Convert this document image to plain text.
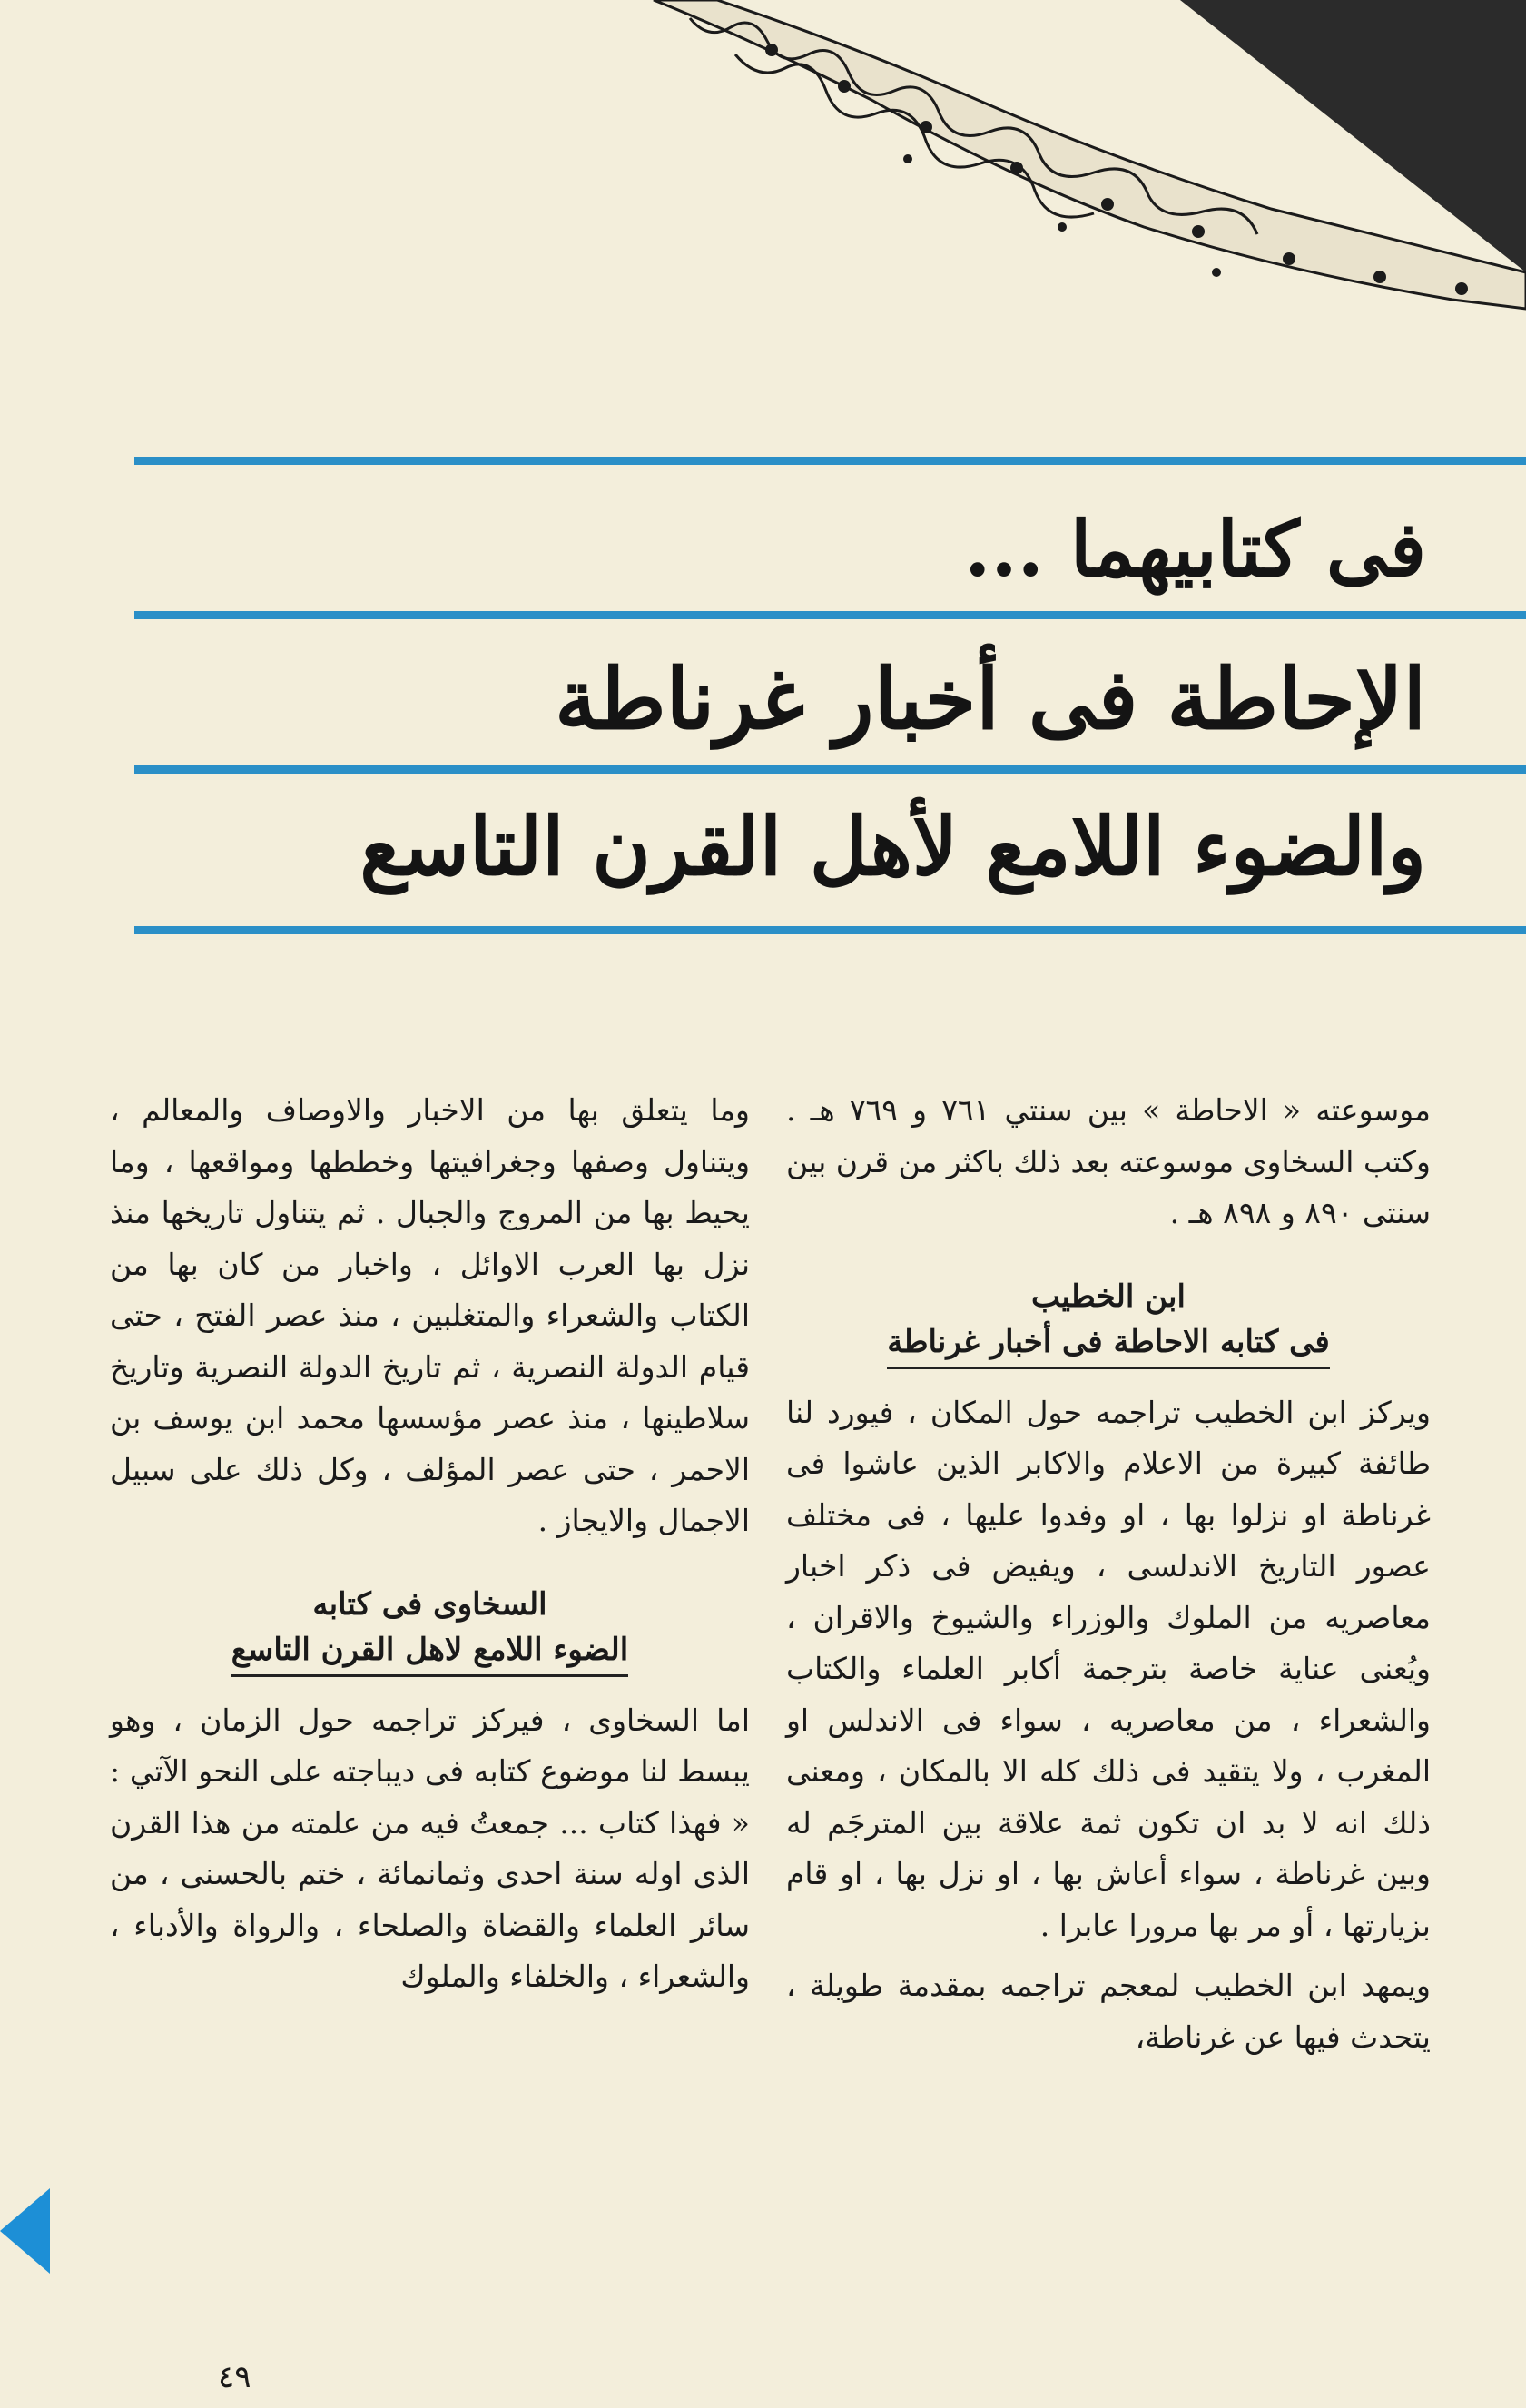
فى كتابيهما ...
الإحاطة فى أخبار غرناطة
والضوء اللامع لأهل القرن التاسع

موسوعته « الاحاطة » بين سنتي ٧٦١ و ٧٦٩ هـ . وكتب السخاوى موسوعته بعد ذلك باكثر من قرن بين سنتى ٨٩٠ و ٨٩٨ هـ .

ابن الخطيب
فى كتابه الاحاطة فى أخبار غرناطة

ويركز ابن الخطيب تراجمه حول المكان ، فيورد لنا طائفة كبيرة من الاعلام والاكابر الذين عاشوا فى غرناطة او نزلوا بها ، او وفدوا عليها ، فى مختلف عصور التاريخ الاندلسى ، ويفيض فى ذكر اخبار معاصريه من الملوك والوزراء والشيوخ والاقران ، ويُعنى عناية خاصة بترجمة أكابر العلماء والكتاب والشعراء ، من معاصريه ، سواء فى الاندلس او المغرب ، ولا يتقيد فى ذلك كله الا بالمكان ، ومعنى ذلك انه لا بد ان تكون ثمة علاقة بين المترجَم له وبين غرناطة ، سواء أعاش بها ، او نزل بها ، او قام بزيارتها ، أو مر بها مرورا عابرا .

ويمهد ابن الخطيب لمعجم تراجمه بمقدمة طويلة ، يتحدث فيها عن غرناطة،

وما يتعلق بها من الاخبار والاوصاف والمعالم ، ويتناول وصفها وجغرافيتها وخططها ومواقعها ، وما يحيط بها من المروج والجبال . ثم يتناول تاريخها منذ نزل بها العرب الاوائل ، واخبار من كان بها من الكتاب والشعراء والمتغلبين ، منذ عصر الفتح ، حتى قيام الدولة النصرية ، ثم تاريخ الدولة النصرية وتاريخ سلاطينها ، منذ عصر مؤسسها محمد ابن يوسف بن الاحمر ، حتى عصر المؤلف ، وكل ذلك على سبيل الاجمال والايجاز .

السخاوى فى كتابه
الضوء اللامع لاهل القرن التاسع

اما السخاوى ، فيركز تراجمه حول الزمان ، وهو يبسط لنا موضوع كتابه فى ديباجته على النحو الآتي : « فهذا كتاب ... جمعتُ فيه من علمته من هذا القرن الذى اوله سنة احدى وثمانمائة ، ختم بالحسنى ، من سائر العلماء والقضاة والصلحاء ، والرواة والأدباء ، والشعراء ، والخلفاء والملوك

٤٩
